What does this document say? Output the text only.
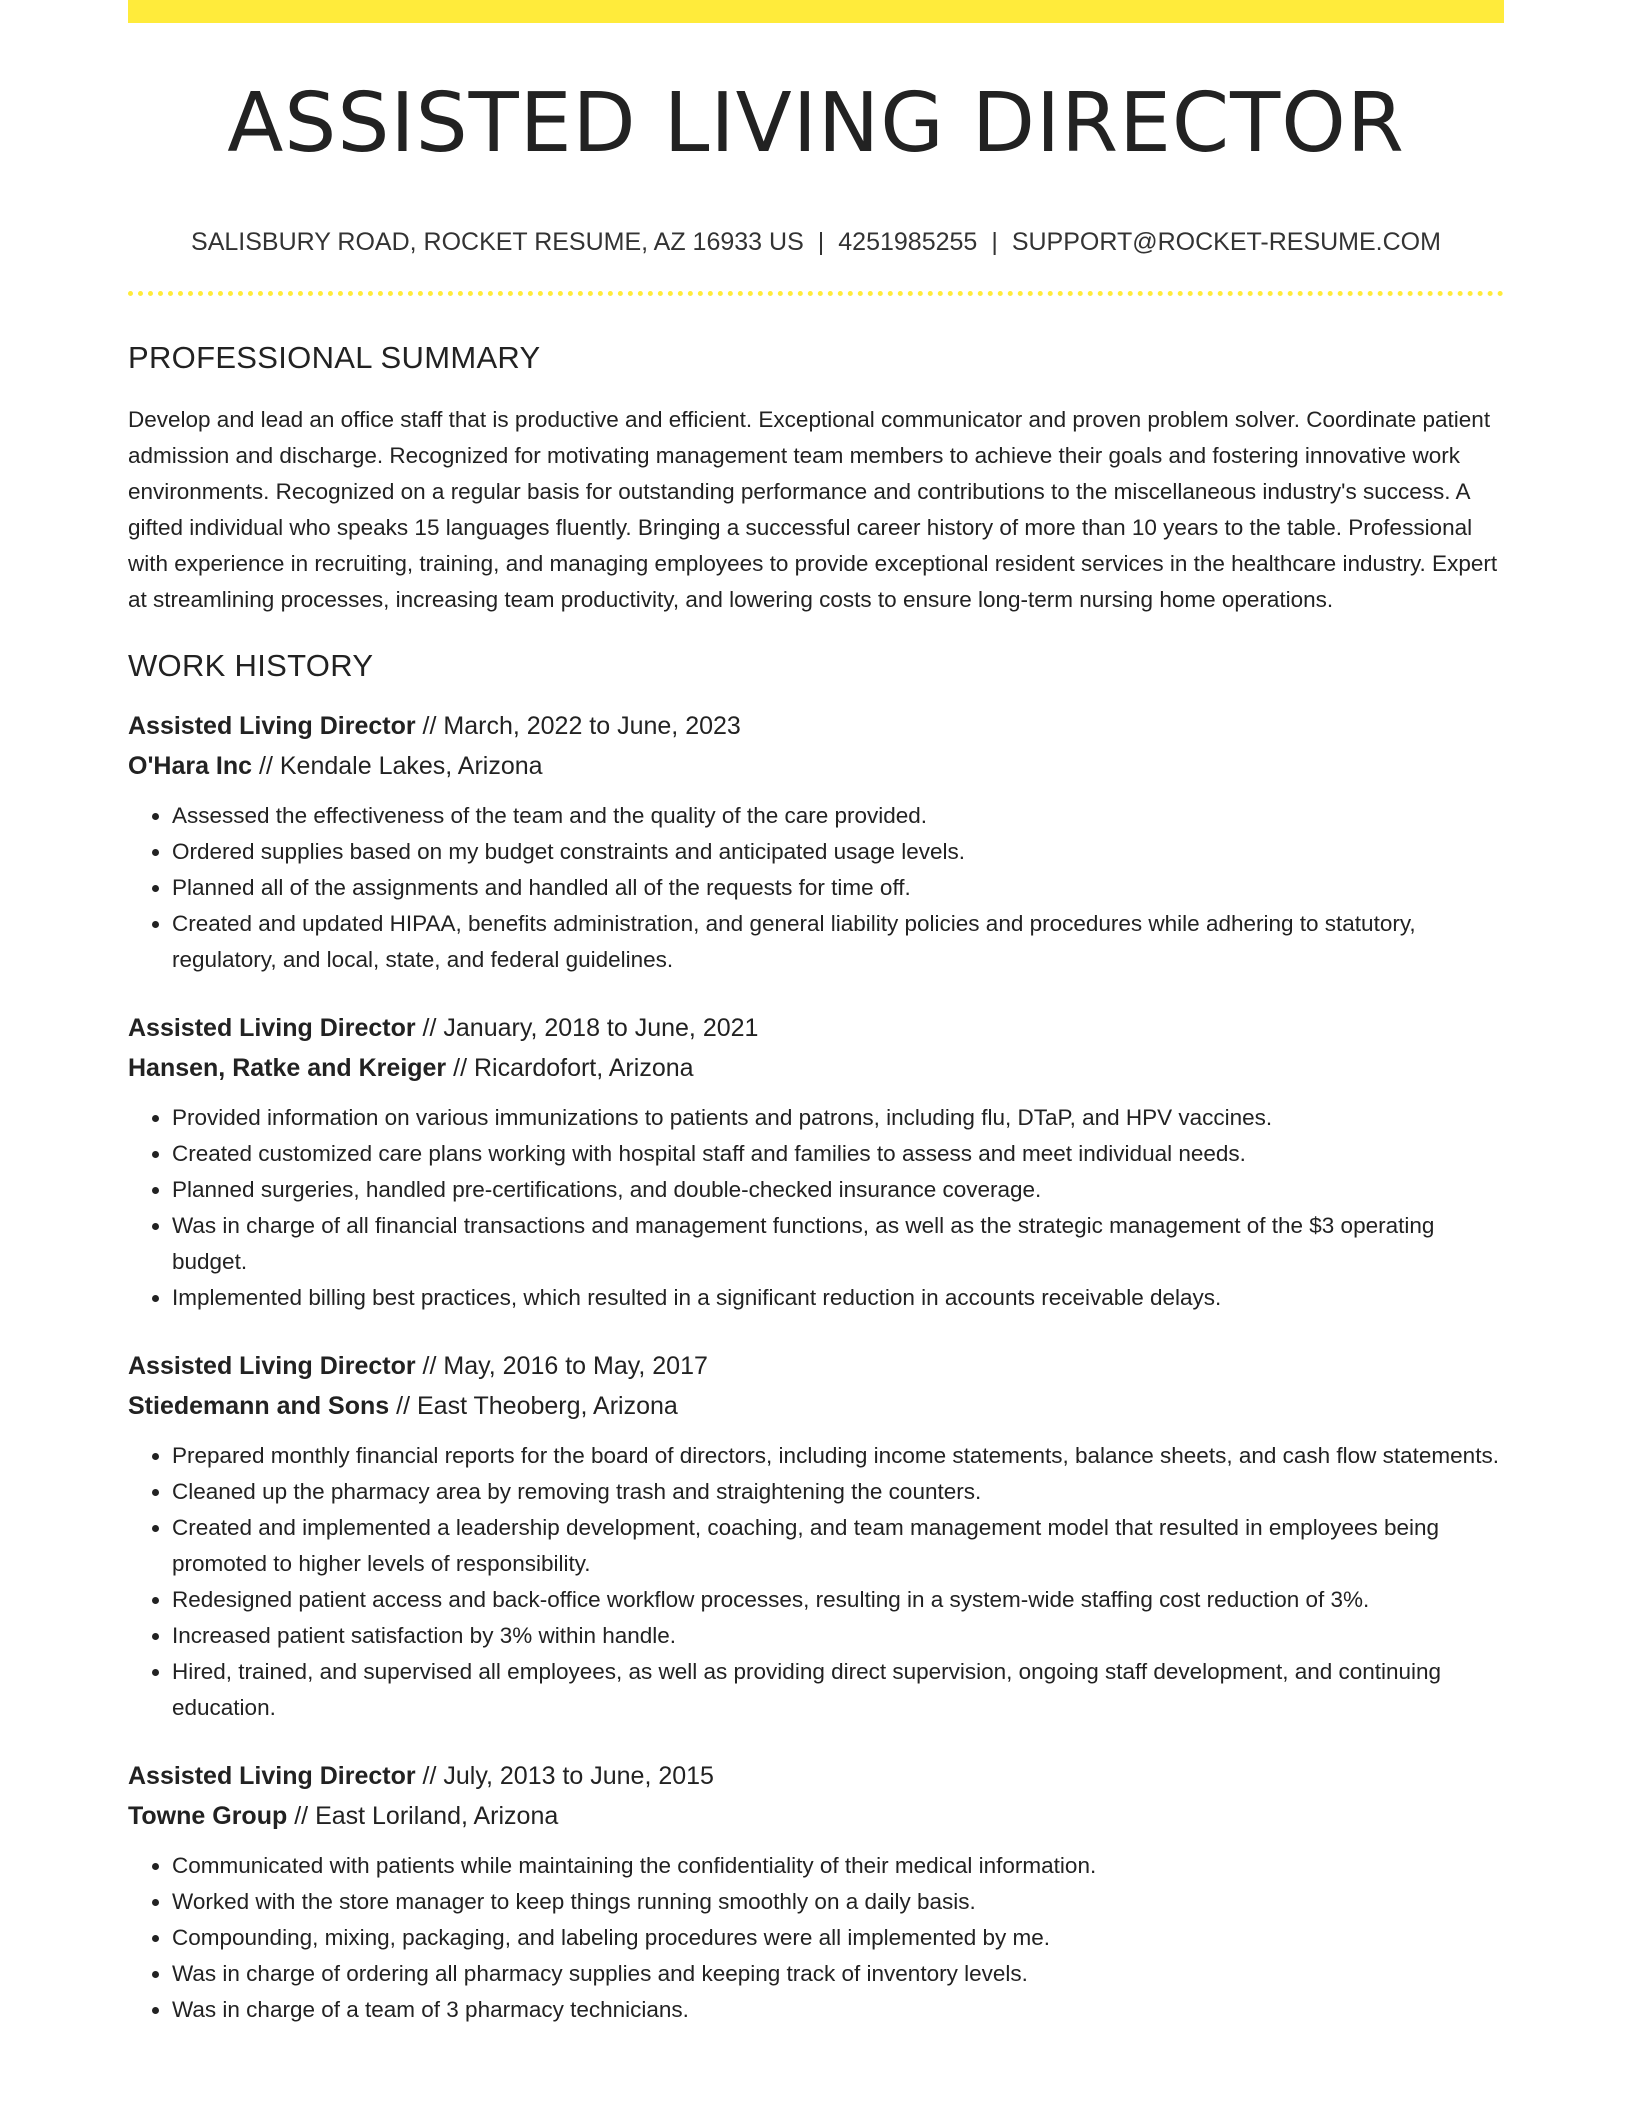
ASSISTED LIVING DIRECTOR
SALISBURY ROAD, ROCKET RESUME, AZ 16933 US | 4251985255 | SUPPORT@ROCKET-RESUME.COM
PROFESSIONAL SUMMARY
Develop and lead an office staff that is productive and efficient. Exceptional communicator and proven problem solver. Coordinate patient admission and discharge. Recognized for motivating management team members to achieve their goals and fostering innovative work environments. Recognized on a regular basis for outstanding performance and contributions to the miscellaneous industry's success. A gifted individual who speaks 15 languages fluently. Bringing a successful career history of more than 10 years to the table. Professional with experience in recruiting, training, and managing employees to provide exceptional resident services in the healthcare industry. Expert at streamlining processes, increasing team productivity, and lowering costs to ensure long-term nursing home operations.
WORK HISTORY
Assisted Living Director // March, 2022 to June, 2023
O'Hara Inc // Kendale Lakes, Arizona
• Assessed the effectiveness of the team and the quality of the care provided.
• Ordered supplies based on my budget constraints and anticipated usage levels.
• Planned all of the assignments and handled all of the requests for time off.
• Created and updated HIPAA, benefits administration, and general liability policies and procedures while adhering to statutory, regulatory, and local, state, and federal guidelines.
Assisted Living Director // January, 2018 to June, 2021
Hansen, Ratke and Kreiger // Ricardofort, Arizona
• Provided information on various immunizations to patients and patrons, including flu, DTaP, and HPV vaccines.
• Created customized care plans working with hospital staff and families to assess and meet individual needs.
• Planned surgeries, handled pre-certifications, and double-checked insurance coverage.
• Was in charge of all financial transactions and management functions, as well as the strategic management of the $3 operating budget.
• Implemented billing best practices, which resulted in a significant reduction in accounts receivable delays.
Assisted Living Director // May, 2016 to May, 2017
Stiedemann and Sons // East Theoberg, Arizona
• Prepared monthly financial reports for the board of directors, including income statements, balance sheets, and cash flow statements.
• Cleaned up the pharmacy area by removing trash and straightening the counters.
• Created and implemented a leadership development, coaching, and team management model that resulted in employees being promoted to higher levels of responsibility.
• Redesigned patient access and back-office workflow processes, resulting in a system-wide staffing cost reduction of 3%.
• Increased patient satisfaction by 3% within handle.
• Hired, trained, and supervised all employees, as well as providing direct supervision, ongoing staff development, and continuing education.
Assisted Living Director // July, 2013 to June, 2015
Towne Group // East Loriland, Arizona
• Communicated with patients while maintaining the confidentiality of their medical information.
• Worked with the store manager to keep things running smoothly on a daily basis.
• Compounding, mixing, packaging, and labeling procedures were all implemented by me.
• Was in charge of ordering all pharmacy supplies and keeping track of inventory levels.
• Was in charge of a team of 3 pharmacy technicians.
